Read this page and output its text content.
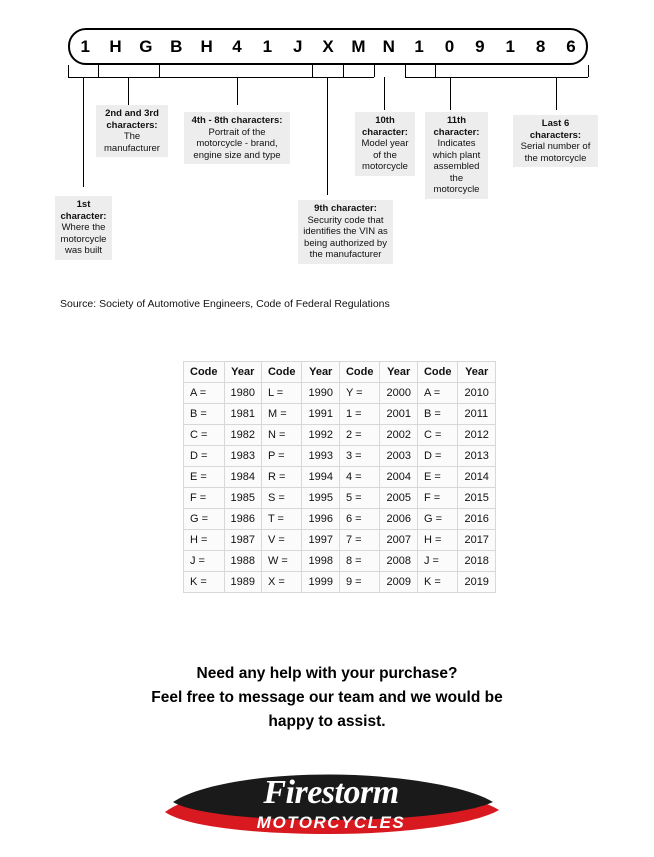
1	H	G	B	H	4	1	J	X	M	N	1	0	9	1	8	6
2nd and 3rd characters:
The manufacturer
4th - 8th characters:
Portrait of the motorcycle - brand, engine size and type
10th character:
Model year of the motorcycle
11th character:
Indicates which plant assembled the motorcycle
Last 6 characters:
Serial number of the motorcycle
1st character:
Where the motorcycle was built
9th character:
Security code that identifies the VIN as being authorized by the manufacturer
Source: Society of Automotive Engineers, Code of Federal Regulations
Code	Year	Code	Year	Code	Year	Code	Year
A =	1980	L =	1990	Y =	2000	A =	2010
B =	1981	M =	1991	1 =	2001	B =	2011
C =	1982	N =	1992	2 =	2002	C =	2012
D =	1983	P =	1993	3 =	2003	D =	2013
E =	1984	R =	1994	4 =	2004	E =	2014
F =	1985	S =	1995	5 =	2005	F =	2015
G =	1986	T =	1996	6 =	2006	G =	2016
H =	1987	V =	1997	7 =	2007	H =	2017
J =	1988	W =	1998	8 =	2008	J =	2018
K =	1989	X =	1999	9 =	2009	K =	2019
Need any help with your purchase?
Feel free to message our team and we would be
happy to assist.
Firestorm
MOTORCYCLES
